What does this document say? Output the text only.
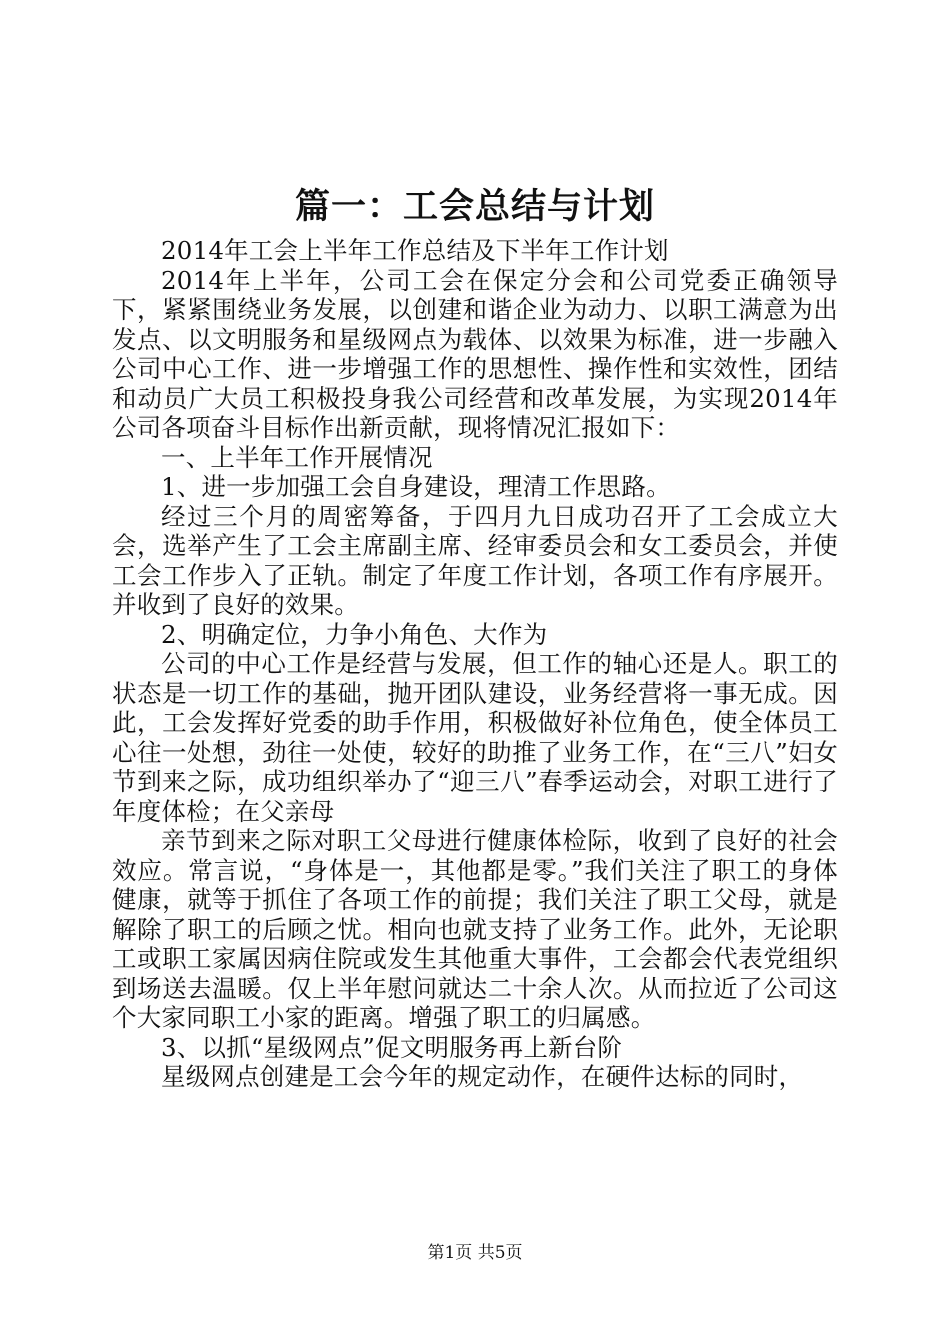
篇一：工会总结与计划

2014年工会上半年工作总结及下半年工作计划

2014年上半年，公司工会在保定分会和公司党委正确领导下，紧紧围绕业务发展，以创建和谐企业为动力、以职工满意为出发点、以文明服务和星级网点为载体、以效果为标准，进一步融入公司中心工作、进一步增强工作的思想性、操作性和实效性，团结和动员广大员工积极投身我公司经营和改革发展，为实现2014年公司各项奋斗目标作出新贡献，现将情况汇报如下：

一、上半年工作开展情况

1、进一步加强工会自身建设，理清工作思路。

经过三个月的周密筹备，于四月九日成功召开了工会成立大会，选举产生了工会主席副主席、经审委员会和女工委员会，并使工会工作步入了正轨。制定了年度工作计划，各项工作有序展开。并收到了良好的效果。

2、明确定位，力争小角色、大作为

公司的中心工作是经营与发展，但工作的轴心还是人。职工的状态是一切工作的基础，抛开团队建设，业务经营将一事无成。因此，工会发挥好党委的助手作用，积极做好补位角色，使全体员工心往一处想，劲往一处使，较好的助推了业务工作，在“三八”妇女节到来之际，成功组织举办了“迎三八”春季运动会，对职工进行了年度体检；在父亲母

亲节到来之际对职工父母进行健康体检际，收到了良好的社会效应。常言说，“身体是一，其他都是零。”我们关注了职工的身体健康，就等于抓住了各项工作的前提；我们关注了职工父母，就是解除了职工的后顾之忧。相向也就支持了业务工作。此外，无论职工或职工家属因病住院或发生其他重大事件，工会都会代表党组织到场送去温暖。仅上半年慰问就达二十余人次。从而拉近了公司这个大家同职工小家的距离。增强了职工的归属感。

3、以抓“星级网点”促文明服务再上新台阶

星级网点创建是工会今年的规定动作，在硬件达标的同时，

第1页 共5页
